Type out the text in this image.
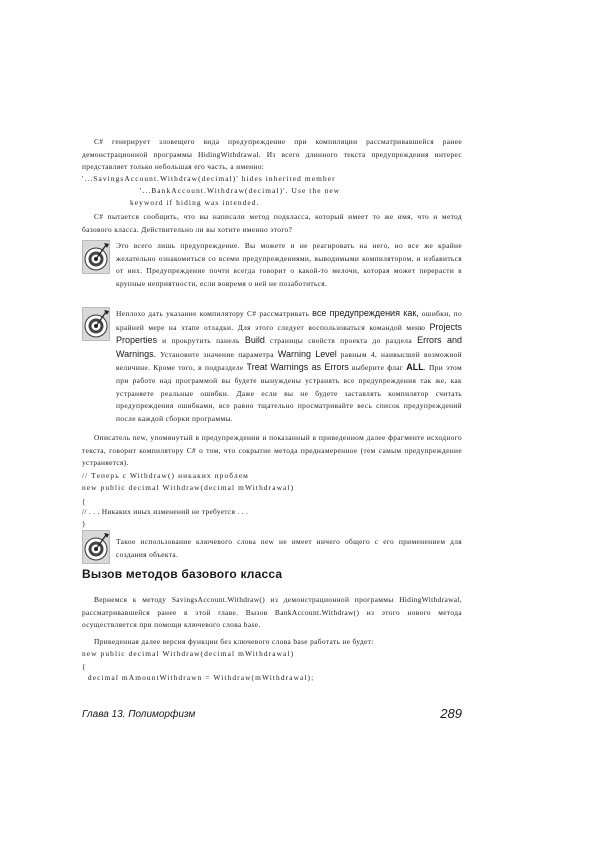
C# генерирует зловещего вида предупреждение при компиляции рассматривавшейся ранее демонстрационной программы HidingWithdrawal. Из всего длинного текста предупреждения интерес представляет только небольшая его часть, а именно:

'...SavingsAccount.Withdraw(decimal)' hides inherited member
'...BankAccount.Withdraw(decimal)'. Use the new
keyword if hiding was intended.

C# пытается сообщить, что вы написали метод подкласса, который имеет то же имя, что и метод базового класса. Действительно ли вы хотите именно этого?

Это всего лишь предупреждение. Вы можете и не реагировать на него, но все же крайне желательно ознакомиться со всеми предупреждениями, выводимыми компилятором, и избавиться от них. Предупреждение почти всегда говорит о какой-то мелочи, которая может перерасти в крупные неприятности, если вовремя о ней не позаботиться.

Неплохо дать указание компилятору C# рассматривать все предупреждения как, ошибки, по крайней мере на этапе отладки. Для этого следует воспользоваться командой меню Projects Properties и прокрутить панель Build страницы свойств проекта до раздела Errors and Warnings. Установите значение параметра Warning Level равным 4, наивысшей возможной величине. Кроме того, в подразделе Treat Warnings as Errors выберите флаг ALL. При этом при работе над программой вы будете вынуждены устранять все предупреждения так же, как устраняете реальные ошибки. Даже если вы не будете заставлять компилятор считать предупреждения ошибками, все равно тщательно просматривайте весь список предупреждений после каждой сборки программы.

Описатель new, упомянутый в предупреждении и показанный в приведенном далее фрагменте исходного текста, говорит компилятору C# о том, что сокрытие метода преднамеренное (тем самым предупреждение устраняется).

// Теперь с Withdraw() никаких проблем
new public decimal Withdraw(decimal mWithdrawal)
{
// . . . Никаких иных изменений не требуется . . .
}

Такое использование ключевого слова new не имеет ничего общего с его применением для создания объекта.

Вызов методов базового класса

Вернемся к методу SavingsAccount.Withdraw() из демонстрационной программы HidingWithdrawal, рассматривавшейся ранее в этой главе. Вызов BankAccount.Withdraw() из этого нового метода осуществляется при помощи ключевого слова base.

Приведенная далее версия функции без ключевого слова base работать не будет:

new public decimal Withdraw(decimal mWithdrawal)
{
decimal mAmountWithdrawn = Withdraw(mWithdrawal);
Глава 13. Полиморфизм	289
